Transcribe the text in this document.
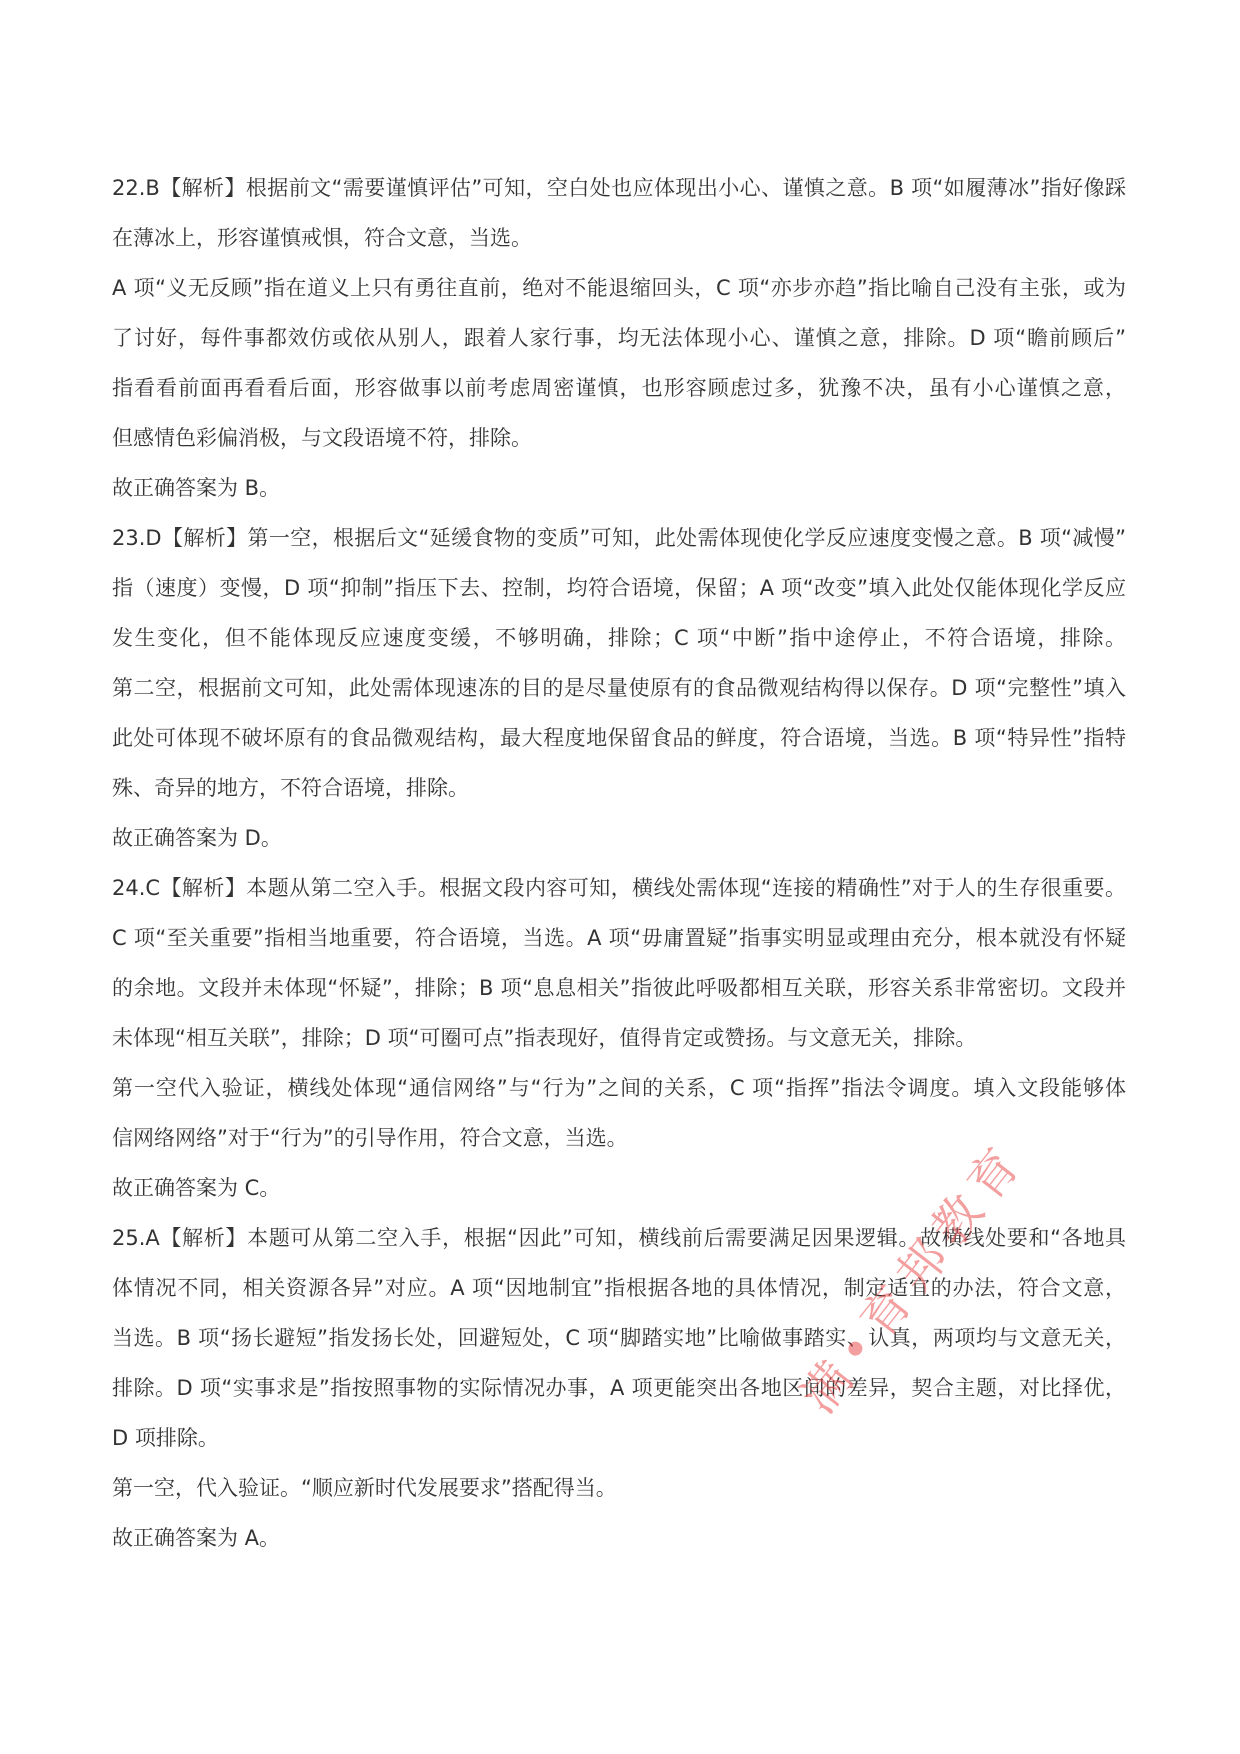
22.B【解析】根据前文“需要谨慎评估”可知，空白处也应体现出小心、谨慎之意。B 项“如履薄冰”指好像踩
在薄冰上，形容谨慎戒惧，符合文意，当选。
A 项“义无反顾”指在道义上只有勇往直前，绝对不能退缩回头，C 项“亦步亦趋”指比喻自己没有主张，或为
了讨好，每件事都效仿或依从别人，跟着人家行事，均无法体现小心、谨慎之意，排除。D 项“瞻前顾后”
指看看前面再看看后面，形容做事以前考虑周密谨慎，也形容顾虑过多，犹豫不决，虽有小心谨慎之意，
但感情色彩偏消极，与文段语境不符，排除。
故正确答案为 B。
23.D【解析】第一空，根据后文“延缓食物的变质”可知，此处需体现使化学反应速度变慢之意。B 项“减慢”
指（速度）变慢，D 项“抑制”指压下去、控制，均符合语境，保留；A 项“改变”填入此处仅能体现化学反应
发生变化，但不能体现反应速度变缓，不够明确，排除；C 项“中断”指中途停止，不符合语境，排除。
第二空，根据前文可知，此处需体现速冻的目的是尽量使原有的食品微观结构得以保存。D 项“完整性”填入
此处可体现不破坏原有的食品微观结构，最大程度地保留食品的鲜度，符合语境，当选。B 项“特异性”指特
殊、奇异的地方，不符合语境，排除。
故正确答案为 D。
24.C【解析】本题从第二空入手。根据文段内容可知，横线处需体现“连接的精确性”对于人的生存很重要。
C 项“至关重要”指相当地重要，符合语境，当选。A 项“毋庸置疑”指事实明显或理由充分，根本就没有怀疑
的余地。文段并未体现“怀疑”，排除；B 项“息息相关”指彼此呼吸都相互关联，形容关系非常密切。文段并
未体现“相互关联”，排除；D 项“可圈可点”指表现好，值得肯定或赞扬。与文意无关，排除。
第一空代入验证，横线处体现“通信网络”与“行为”之间的关系，C 项“指挥”指法令调度。填入文段能够体
信网络网络”对于“行为”的引导作用，符合文意，当选。
故正确答案为 C。
25.A【解析】本题可从第二空入手，根据“因此”可知，横线前后需要满足因果逻辑。故横线处要和“各地具
体情况不同，相关资源各异”对应。A 项“因地制宜”指根据各地的具体情况，制定适宜的办法，符合文意，
当选。B 项“扬长避短”指发扬长处，回避短处，C 项“脚踏实地”比喻做事踏实、认真，两项均与文意无关，
排除。D 项“实事求是”指按照事物的实际情况办事，A 项更能突出各地区间的差异，契合主题，对比择优，
D 项排除。
第一空，代入验证。“顺应新时代发展要求”搭配得当。
故正确答案为 A。
满•育邦教育
